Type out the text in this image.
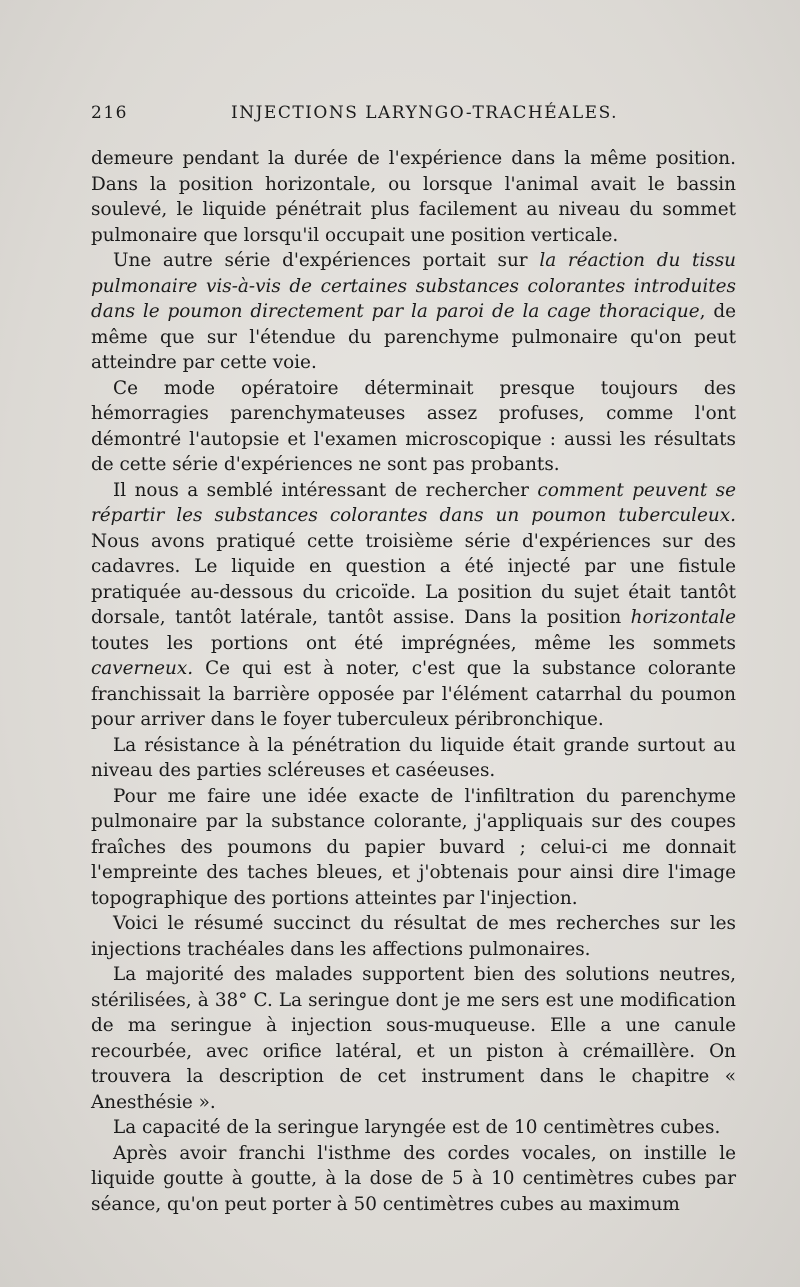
216	INJECTIONS LARYNGO-TRACHÉALES.

demeure pendant la durée de l'expérience dans la même position. Dans la position horizontale, ou lorsque l'animal avait le bassin soulevé, le liquide pénétrait plus facilement au niveau du sommet pulmonaire que lorsqu'il occupait une position verticale.

Une autre série d'expériences portait sur la réaction du tissu pulmonaire vis-à-vis de certaines substances colorantes introduites dans le poumon directement par la paroi de la cage thoracique, de même que sur l'étendue du parenchyme pulmonaire qu'on peut atteindre par cette voie.

Ce mode opératoire déterminait presque toujours des hémorragies parenchymateuses assez profuses, comme l'ont démontré l'autopsie et l'examen microscopique : aussi les résultats de cette série d'expériences ne sont pas probants.

Il nous a semblé intéressant de rechercher comment peuvent se répartir les substances colorantes dans un poumon tuberculeux. Nous avons pratiqué cette troisième série d'expériences sur des cadavres. Le liquide en question a été injecté par une fistule pratiquée au-dessous du cricoïde. La position du sujet était tantôt dorsale, tantôt latérale, tantôt assise. Dans la position horizontale toutes les portions ont été imprégnées, même les sommets caverneux. Ce qui est à noter, c'est que la substance colorante franchissait la barrière opposée par l'élément catarrhal du poumon pour arriver dans le foyer tuberculeux péribronchique.

La résistance à la pénétration du liquide était grande surtout au niveau des parties scléreuses et caséeuses.

Pour me faire une idée exacte de l'infiltration du parenchyme pulmonaire par la substance colorante, j'appliquais sur des coupes fraîches des poumons du papier buvard ; celui-ci me donnait l'empreinte des taches bleues, et j'obtenais pour ainsi dire l'image topographique des portions atteintes par l'injection.

Voici le résumé succinct du résultat de mes recherches sur les injections trachéales dans les affections pulmonaires.

La majorité des malades supportent bien des solutions neutres, stérilisées, à 38° C. La seringue dont je me sers est une modification de ma seringue à injection sous-muqueuse. Elle a une canule recourbée, avec orifice latéral, et un piston à crémaillère. On trouvera la description de cet instrument dans le chapitre « Anesthésie ».

La capacité de la seringue laryngée est de 10 centimètres cubes.

Après avoir franchi l'isthme des cordes vocales, on instille le liquide goutte à goutte, à la dose de 5 à 10 centimètres cubes par séance, qu'on peut porter à 50 centimètres cubes au maximum
